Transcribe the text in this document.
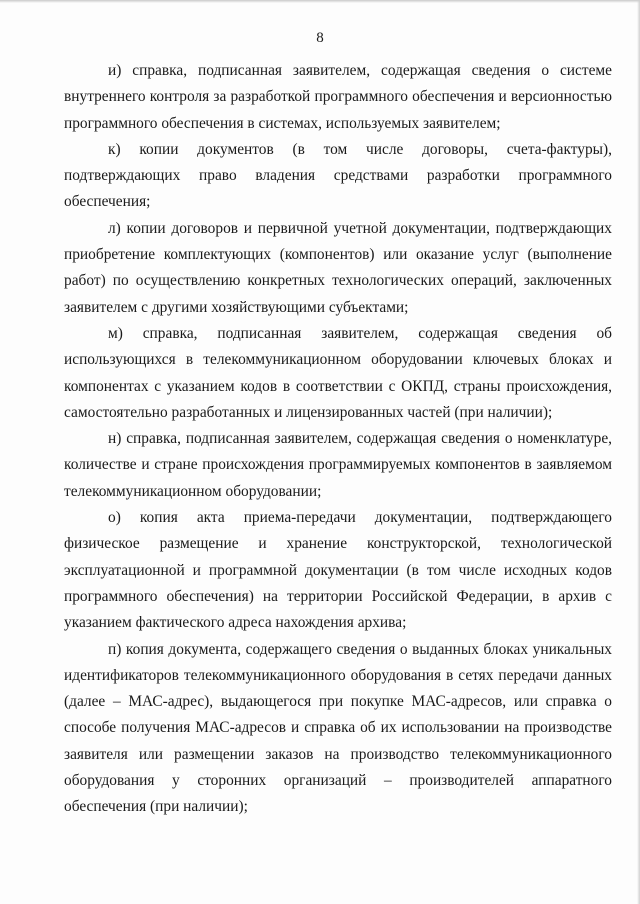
8

и) справка, подписанная заявителем, содержащая сведения о системе внутреннего контроля за разработкой программного обеспечения и версионностью программного обеспечения в системах, используемых заявителем;

к) копии документов (в том числе договоры, счета-фактуры), подтверждающих право владения средствами разработки программного обеспечения;

л) копии договоров и первичной учетной документации, подтверждающих приобретение комплектующих (компонентов) или оказание услуг (выполнение работ) по осуществлению конкретных технологических операций, заключенных заявителем с другими хозяйствующими субъектами;

м) справка, подписанная заявителем, содержащая сведения об использующихся в телекоммуникационном оборудовании ключевых блоках и компонентах с указанием кодов в соответствии с ОКПД, страны происхождения, самостоятельно разработанных и лицензированных частей (при наличии);

н) справка, подписанная заявителем, содержащая сведения о номенклатуре, количестве и стране происхождения программируемых компонентов в заявляемом телекоммуникационном оборудовании;

о) копия акта приема-передачи документации, подтверждающего физическое размещение и хранение конструкторской, технологической эксплуатационной и программной документации (в том числе исходных кодов программного обеспечения) на территории Российской Федерации, в архив с указанием фактического адреса нахождения архива;

п) копия документа, содержащего сведения о выданных блоках уникальных идентификаторов телекоммуникационного оборудования в сетях передачи данных (далее – МАС-адрес), выдающегося при покупке МАС-адресов, или справка о способе получения МАС-адресов и справка об их использовании на производстве заявителя или размещении заказов на производство телекоммуникационного оборудования у сторонних организаций – производителей аппаратного обеспечения (при наличии);
